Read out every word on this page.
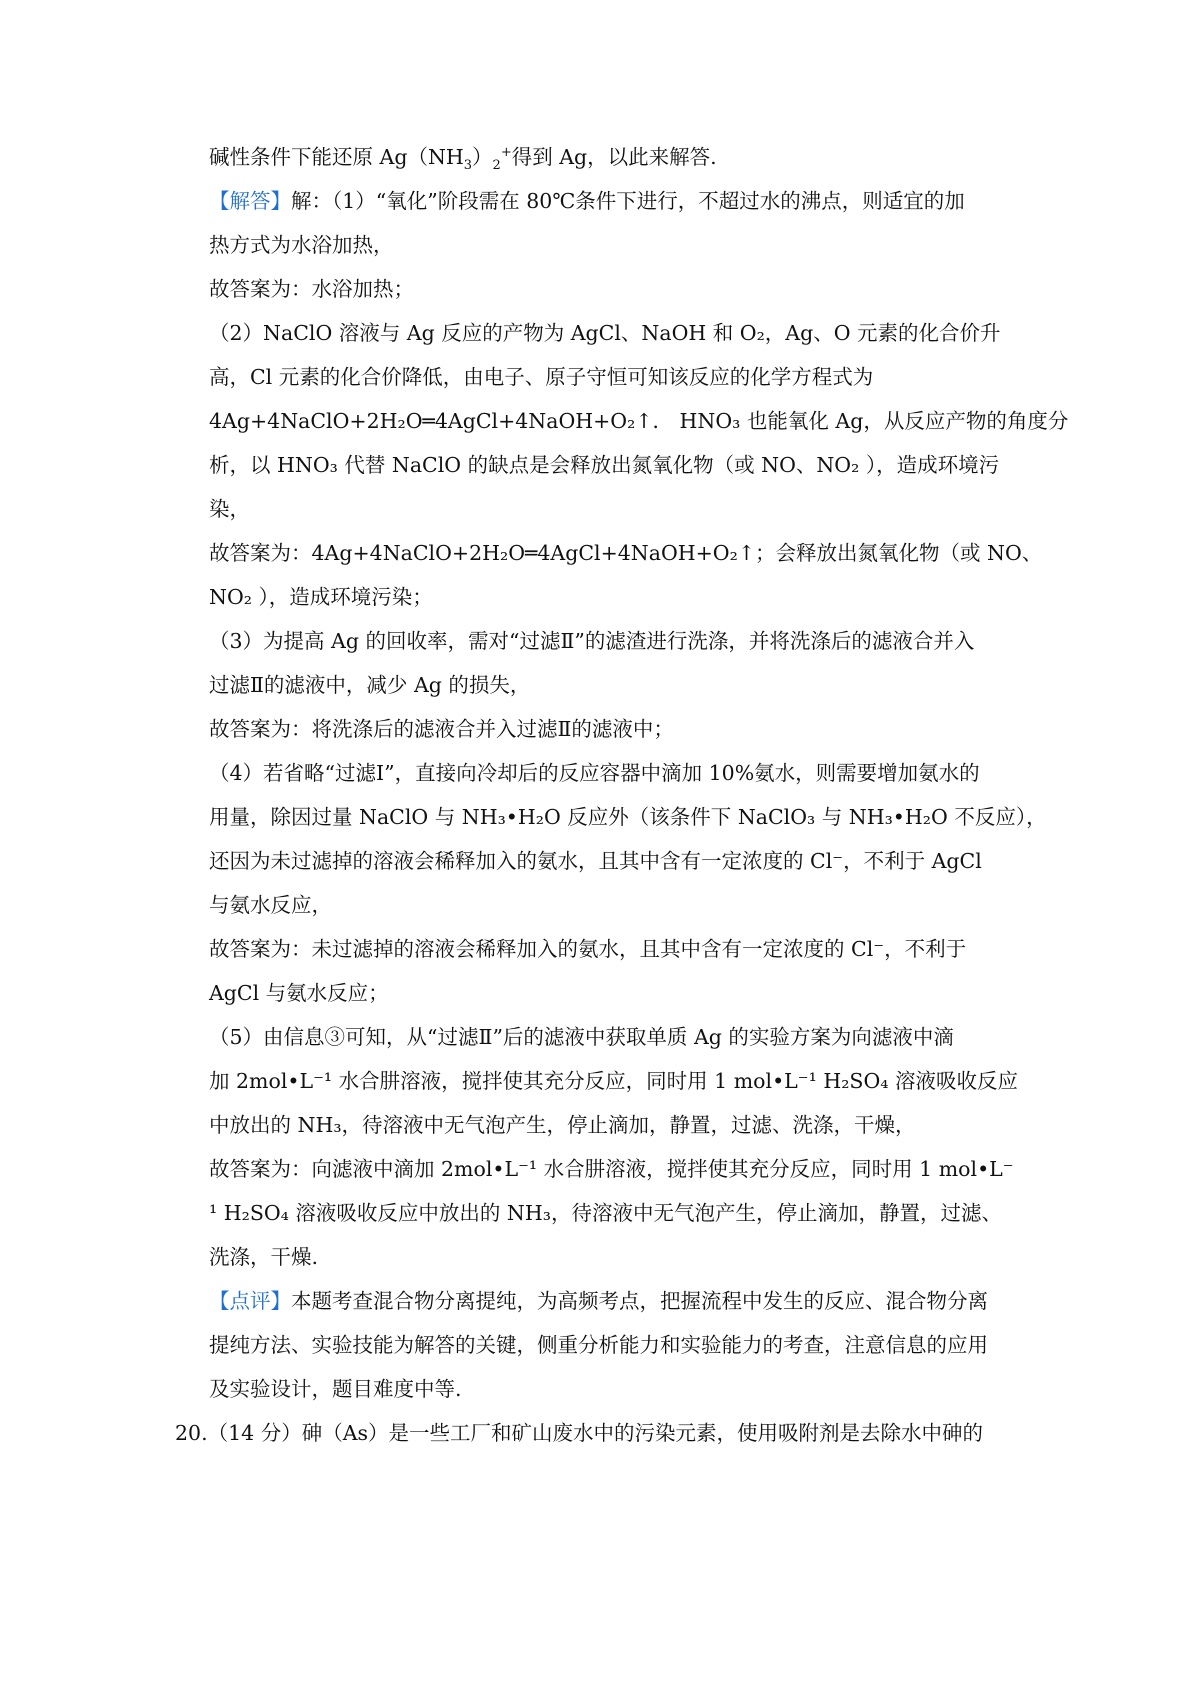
碱性条件下能还原 $Ag(NH_3)_2^+$得到 Ag，以此来解答.
【解答】解：（1）“氧化”阶段需在 80℃条件下进行，不超过水的沸点，则适宜的加
热方式为水浴加热，
故答案为：水浴加热；
（2）NaClO 溶液与 Ag 反应的产物为 AgCl、NaOH 和 O₂，Ag、O 元素的化合价升
高，Cl 元素的化合价降低，由电子、原子守恒可知该反应的化学方程式为
4Ag+4NaClO+2H₂O═4AgCl+4NaOH+O₂↑． HNO₃ 也能氧化 Ag，从反应产物的角度分
析，以 HNO₃ 代替 NaClO 的缺点是会释放出氮氧化物（或 NO、NO₂ ），造成环境污
染，
故答案为：4Ag+4NaClO+2H₂O═4AgCl+4NaOH+O₂↑；会释放出氮氧化物（或 NO、
NO₂ ），造成环境污染；
（3）为提高 Ag 的回收率，需对“过滤Ⅱ”的滤渣进行洗涤，并将洗涤后的滤液合并入
过滤Ⅱ的滤液中，减少 Ag 的损失，
故答案为：将洗涤后的滤液合并入过滤Ⅱ的滤液中；
（4）若省略“过滤Ⅰ”，直接向冷却后的反应容器中滴加 10%氨水，则需要增加氨水的
用量，除因过量 NaClO 与 NH₃•H₂O 反应外（该条件下 NaClO₃ 与 NH₃•H₂O 不反应），
还因为未过滤掉的溶液会稀释加入的氨水，且其中含有一定浓度的 Cl⁻，不利于 AgCl
与氨水反应，
故答案为：未过滤掉的溶液会稀释加入的氨水，且其中含有一定浓度的 Cl⁻，不利于
AgCl 与氨水反应；
（5）由信息③可知，从“过滤Ⅱ”后的滤液中获取单质 Ag 的实验方案为向滤液中滴
加 2mol•L⁻¹ 水合肼溶液，搅拌使其充分反应，同时用 1 mol•L⁻¹ H₂SO₄ 溶液吸收反应
中放出的 NH₃，待溶液中无气泡产生，停止滴加，静置，过滤、洗涤，干燥，
故答案为：向滤液中滴加 2mol•L⁻¹ 水合肼溶液，搅拌使其充分反应，同时用 1 mol•L⁻
¹ H₂SO₄ 溶液吸收反应中放出的 NH₃，待溶液中无气泡产生，停止滴加，静置，过滤、
洗涤，干燥.
【点评】本题考查混合物分离提纯，为高频考点，把握流程中发生的反应、混合物分离
提纯方法、实验技能为解答的关键，侧重分析能力和实验能力的考查，注意信息的应用
及实验设计，题目难度中等.
20.（14 分）砷（As）是一些工厂和矿山废水中的污染元素，使用吸附剂是去除水中砷的
